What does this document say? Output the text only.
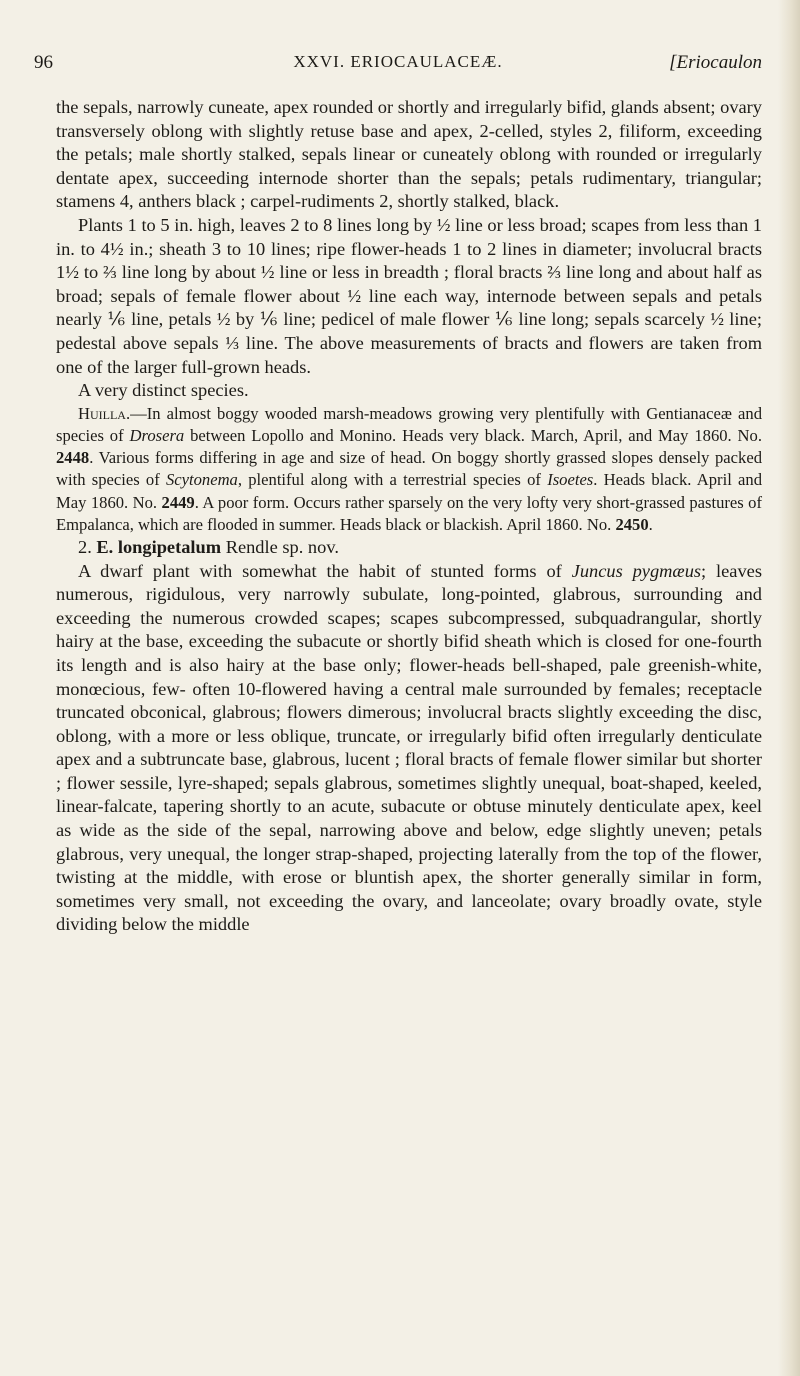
96	XXVI. ERIOCAULACEÆ.	[Eriocaulon

the sepals, narrowly cuneate, apex rounded or shortly and irregularly bifid, glands absent; ovary transversely oblong with slightly retuse base and apex, 2-celled, styles 2, filiform, exceeding the petals; male shortly stalked, sepals linear or cuneately oblong with rounded or irregularly dentate apex, succeeding internode shorter than the sepals; petals rudimentary, triangular; stamens 4, anthers black ; carpel-rudiments 2, shortly stalked, black.

Plants 1 to 5 in. high, leaves 2 to 8 lines long by ½ line or less broad; scapes from less than 1 in. to 4½ in.; sheath 3 to 10 lines; ripe flower-heads 1 to 2 lines in diameter; involucral bracts 1½ to ⅔ line long by about ½ line or less in breadth ; floral bracts ⅔ line long and about half as broad; sepals of female flower about ½ line each way, internode between sepals and petals nearly ⅙ line, petals ½ by ⅙ line; pedicel of male flower ⅙ line long; sepals scarcely ½ line; pedestal above sepals ⅓ line. The above measurements of bracts and flowers are taken from one of the larger full-grown heads.

A very distinct species.

Huilla.—In almost boggy wooded marsh-meadows growing very plentifully with Gentianaceæ and species of Drosera between Lopollo and Monino. Heads very black. March, April, and May 1860. No. 2448. Various forms differing in age and size of head. On boggy shortly grassed slopes densely packed with species of Scytonema, plentiful along with a terrestrial species of Isoetes. Heads black. April and May 1860. No. 2449. A poor form. Occurs rather sparsely on the very lofty very short-grassed pastures of Empalanca, which are flooded in summer. Heads black or blackish. April 1860. No. 2450.

2. E. longipetalum Rendle sp. nov.

A dwarf plant with somewhat the habit of stunted forms of Juncus pygmæus; leaves numerous, rigidulous, very narrowly subulate, long-pointed, glabrous, surrounding and exceeding the numerous crowded scapes; scapes subcompressed, subquadrangular, shortly hairy at the base, exceeding the subacute or shortly bifid sheath which is closed for one-fourth its length and is also hairy at the base only; flower-heads bell-shaped, pale greenish-white, monœcious, few- often 10-flowered having a central male surrounded by females; receptacle truncated obconical, glabrous; flowers dimerous; involucral bracts slightly exceeding the disc, oblong, with a more or less oblique, truncate, or irregularly bifid often irregularly denticulate apex and a subtruncate base, glabrous, lucent ; floral bracts of female flower similar but shorter ; flower sessile, lyre-shaped; sepals glabrous, sometimes slightly unequal, boat-shaped, keeled, linear-falcate, tapering shortly to an acute, subacute or obtuse minutely denticulate apex, keel as wide as the side of the sepal, narrowing above and below, edge slightly uneven; petals glabrous, very unequal, the longer strap-shaped, projecting laterally from the top of the flower, twisting at the middle, with erose or bluntish apex, the shorter generally similar in form, sometimes very small, not exceeding the ovary, and lanceolate; ovary broadly ovate, style dividing below the middle
